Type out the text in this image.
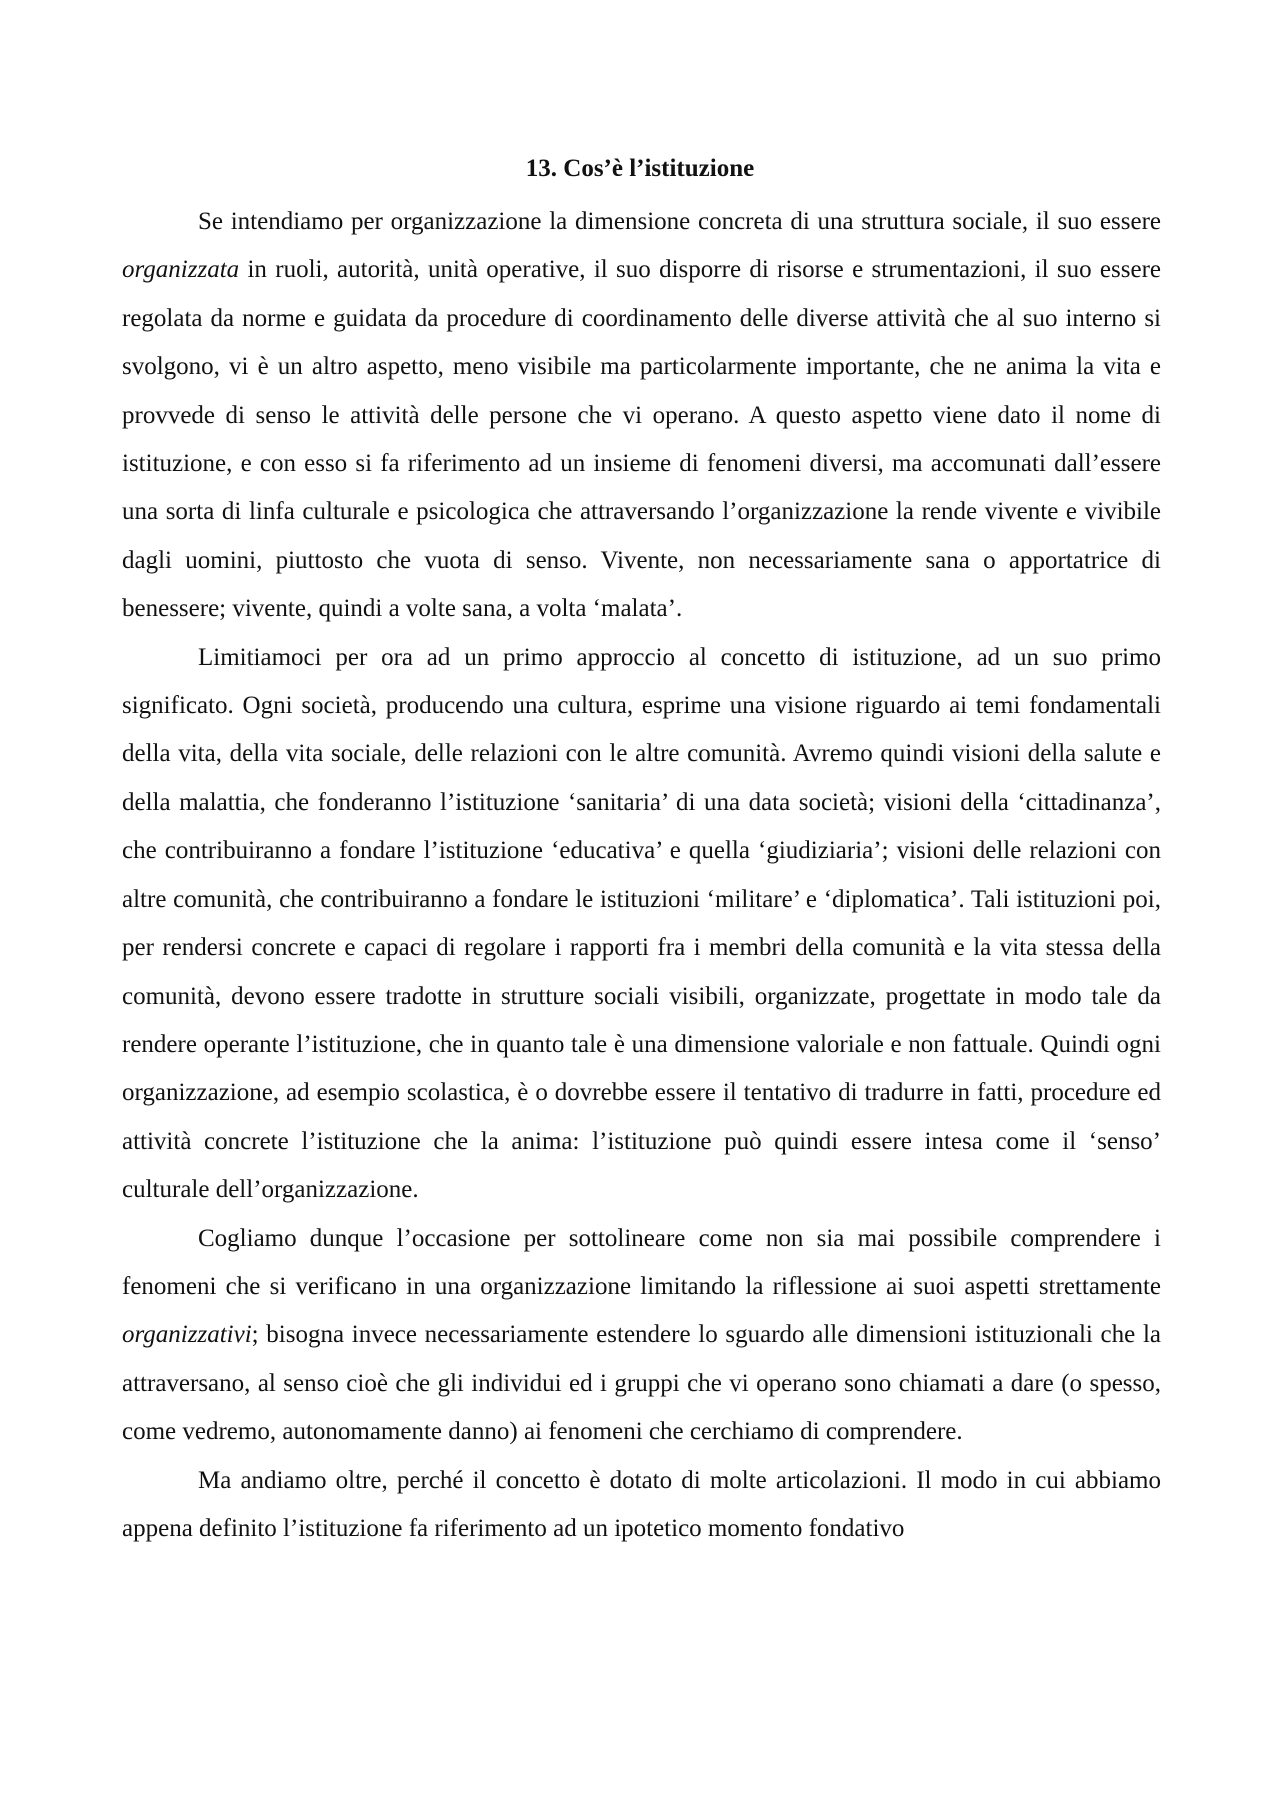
13. Cos’è l’istituzione

Se intendiamo per organizzazione la dimensione concreta di una struttura sociale, il suo essere organizzata in ruoli, autorità, unità operative, il suo disporre di risorse e strumentazioni, il suo essere regolata da norme e guidata da procedure di coordinamento delle diverse attività che al suo interno si svolgono, vi è un altro aspetto, meno visibile ma particolarmente importante, che ne anima la vita e provvede di senso le attività delle persone che vi operano. A questo aspetto viene dato il nome di istituzione, e con esso si fa riferimento ad un insieme di fenomeni diversi, ma accomunati dall’essere una sorta di linfa culturale e psicologica che attraversando l’organizzazione la rende vivente e vivibile dagli uomini, piuttosto che vuota di senso. Vivente, non necessariamente sana o apportatrice di benessere; vivente, quindi a volte sana, a volta ‘malata’.

Limitiamoci per ora ad un primo approccio al concetto di istituzione, ad un suo primo significato. Ogni società, producendo una cultura, esprime una visione riguardo ai temi fondamentali della vita, della vita sociale, delle relazioni con le altre comunità. Avremo quindi visioni della salute e della malattia, che fonderanno l’istituzione ‘sanitaria’ di una data società; visioni della ‘cittadinanza’, che contribuiranno a fondare l’istituzione ‘educativa’ e quella ‘giudiziaria’; visioni delle relazioni con altre comunità, che contribuiranno a fondare le istituzioni ‘militare’ e ‘diplomatica’. Tali istituzioni poi, per rendersi concrete e capaci di regolare i rapporti fra i membri della comunità e la vita stessa della comunità, devono essere tradotte in strutture sociali visibili, organizzate, progettate in modo tale da rendere operante l’istituzione, che in quanto tale è una dimensione valoriale e non fattuale. Quindi ogni organizzazione, ad esempio scolastica, è o dovrebbe essere il tentativo di tradurre in fatti, procedure ed attività concrete l’istituzione che la anima: l’istituzione può quindi essere intesa come il ‘senso’ culturale dell’organizzazione.

Cogliamo dunque l’occasione per sottolineare come non sia mai possibile comprendere i fenomeni che si verificano in una organizzazione limitando la riflessione ai suoi aspetti strettamente organizzativi; bisogna invece necessariamente estendere lo sguardo alle dimensioni istituzionali che la attraversano, al senso cioè che gli individui ed i gruppi che vi operano sono chiamati a dare (o spesso, come vedremo, autonomamente danno) ai fenomeni che cerchiamo di comprendere.

Ma andiamo oltre, perché il concetto è dotato di molte articolazioni. Il modo in cui abbiamo appena definito l’istituzione fa riferimento ad un ipotetico momento fondativo
